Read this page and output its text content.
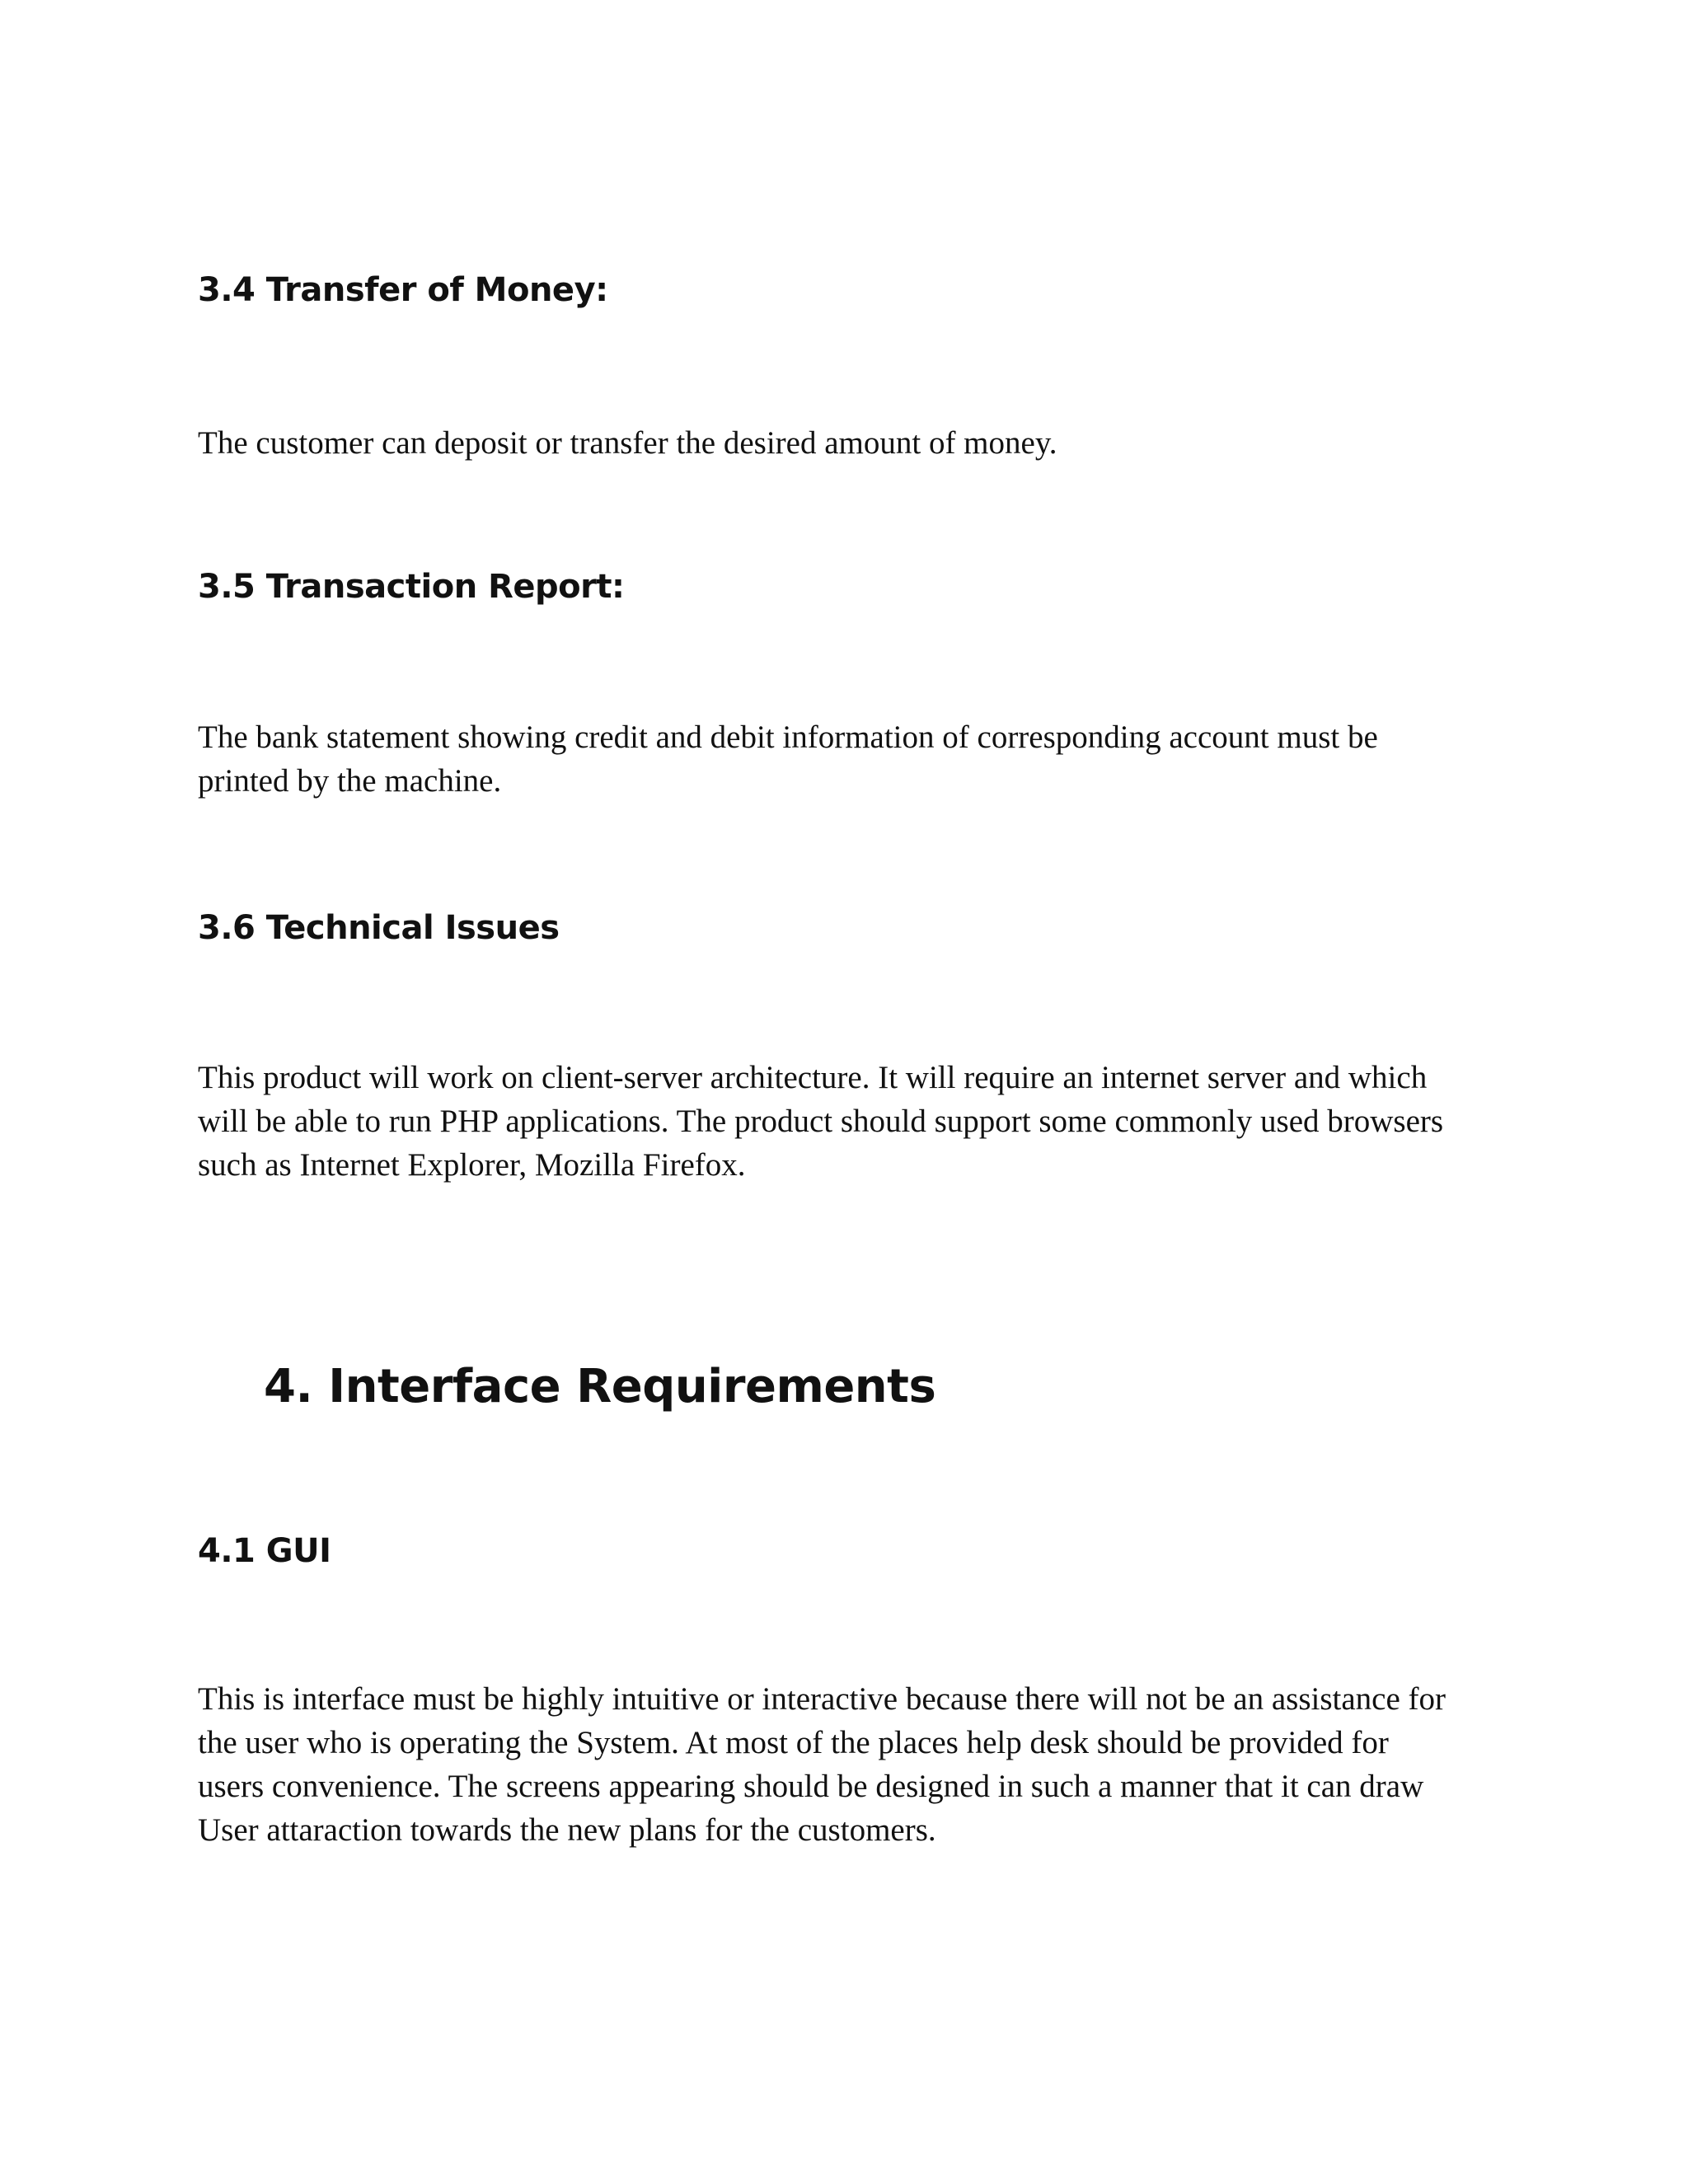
3.4 Transfer of Money:

The customer can deposit or transfer the desired amount of money.

3.5 Transaction Report:

The bank statement showing credit and debit information of corresponding account must be
printed by the machine.

3.6 Technical Issues

This product will work on client-server architecture. It will require an internet server and which
will be able to run PHP applications. The product should support some commonly used browsers
such as Internet Explorer, Mozilla Firefox.

4. Interface Requirements
4.1 GUI

This is interface must be highly intuitive or interactive because there will not be an assistance for
the user who is operating the System. At most of the places help desk should be provided for
users convenience. The screens appearing should be designed in such a manner that it can draw
User attaraction towards the new plans for the customers.
